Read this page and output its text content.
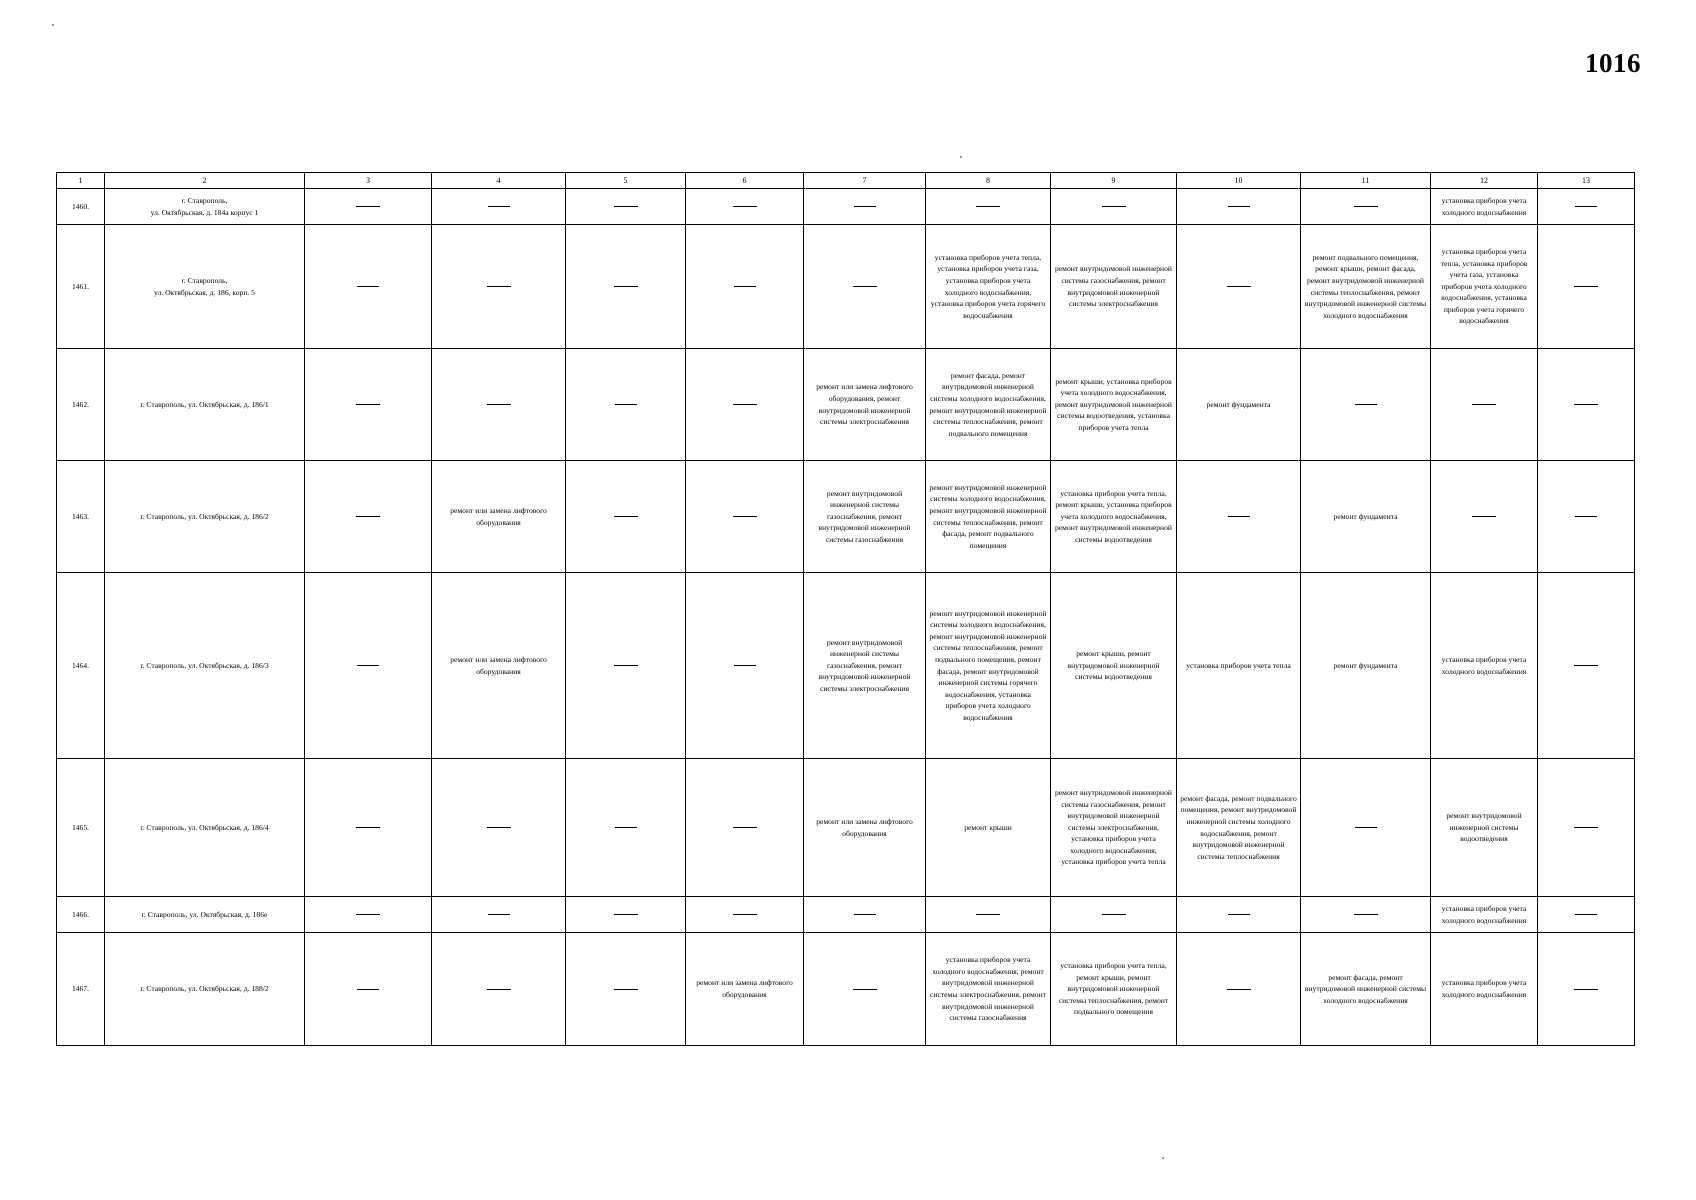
1016
1	2	3	4	5	6	7	8	9	10	11	12	13
1460.	г. Ставрополь,
ул. Октябрьская, д. 184а корпус 1										установка приборов учета холодного водоснабжения	
1461.	г. Ставрополь,
ул. Октябрьская, д. 186, корп. 5						установка приборов учета тепла, установка приборов учета газа, установка приборов учета холодного водоснабжения, установка приборов учета горячего водоснабжения	ремонт внутридомовой инженерной системы газоснабжения, ремонт внутридомовой инженерной системы электроснабжения		ремонт подвального помещения, ремонт крыши, ремонт фасада, ремонт внутридомовой инженерной системы теплоснабжения, ремонт внутридомовой инженерной системы холодного водоснабжения	установка приборов учета тепла, установка приборов учета газа, установка приборов учета холодного водоснабжения, установка приборов учета горячего водоснабжения	
1462.	г. Ставрополь, ул. Октябрьская, д. 186/1					ремонт или замена лифтового оборудования, ремонт внутридомовой инженерной системы электроснабжения	ремонт фасада, ремонт внутридомовой инженерной системы холодного водоснабжения, ремонт внутридомовой инженерной системы теплоснабжения, ремонт подвального помещения	ремонт крыши, установка приборов учета холодного водоснабжения, ремонт внутридомовой инженерной системы водоотведения, установка приборов учета тепла	ремонт фундамента			
1463.	г. Ставрополь, ул. Октябрьская, д. 186/2		ремонт или замена лифтового оборудования			ремонт внутридомовой инженерной системы газоснабжения, ремонт внутридомовой инженерной системы газоснабжения	ремонт внутридомовой инженерной системы холодного водоснабжения, ремонт внутридомовой инженерной системы теплоснабжения, ремонт фасада, ремонт подвального помещения	установка приборов учета тепла, ремонт крыши, установка приборов учета холодного водоснабжения, ремонт внутридомовой инженерной системы водоотведения		ремонт фундамента		
1464.	г. Ставрополь, ул. Октябрьская, д. 186/3		ремонт или замена лифтового оборудования			ремонт внутридомовой инженерной системы газоснабжения, ремонт внутридомовой инженерной системы электроснабжения	ремонт внутридомовой инженерной системы холодного водоснабжения, ремонт внутридомовой инженерной системы теплоснабжения, ремонт подвального помещения, ремонт фасада, ремонт внутридомовой инженерной системы горячего водоснабжения, установка приборов учета холодного водоснабжения	ремонт крыши, ремонт внутридомовой инженерной системы водоотведения	установка приборов учета тепла	ремонт фундамента	установка приборов учета холодного водоснабжения	
1465.	г. Ставрополь, ул. Октябрьская, д. 186/4					ремонт или замена лифтового оборудования	ремонт крыши	ремонт внутридомовой инженерной системы газоснабжения, ремонт внутридомовой инженерной системы электроснабжения, установка приборов учета холодного водоснабжения, установка приборов учета тепла	ремонт фасада, ремонт подвального помещения, ремонт внутридомовой инженерной системы холодного водоснабжения, ремонт внутридомовой инженерной системы теплоснабжения		ремонт внутридомовой инженерной системы водоотведения	
1466.	г. Ставрополь, ул. Октябрьская, д. 186е										установка приборов учета холодного водоснабжения	
1467.	г. Ставрополь, ул. Октябрьская, д. 188/2				ремонт или замена лифтового оборудования		установка приборов учета холодного водоснабжения, ремонт внутридомовой инженерной системы электроснабжения, ремонт внутридомовой инженерной системы газоснабжения	установка приборов учета тепла, ремонт крыши, ремонт внутридомовой инженерной системы теплоснабжения, ремонт подвального помещения		ремонт фасада, ремонт внутридомовой инженерной системы холодного водоснабжения	установка приборов учета холодного водоснабжения	
